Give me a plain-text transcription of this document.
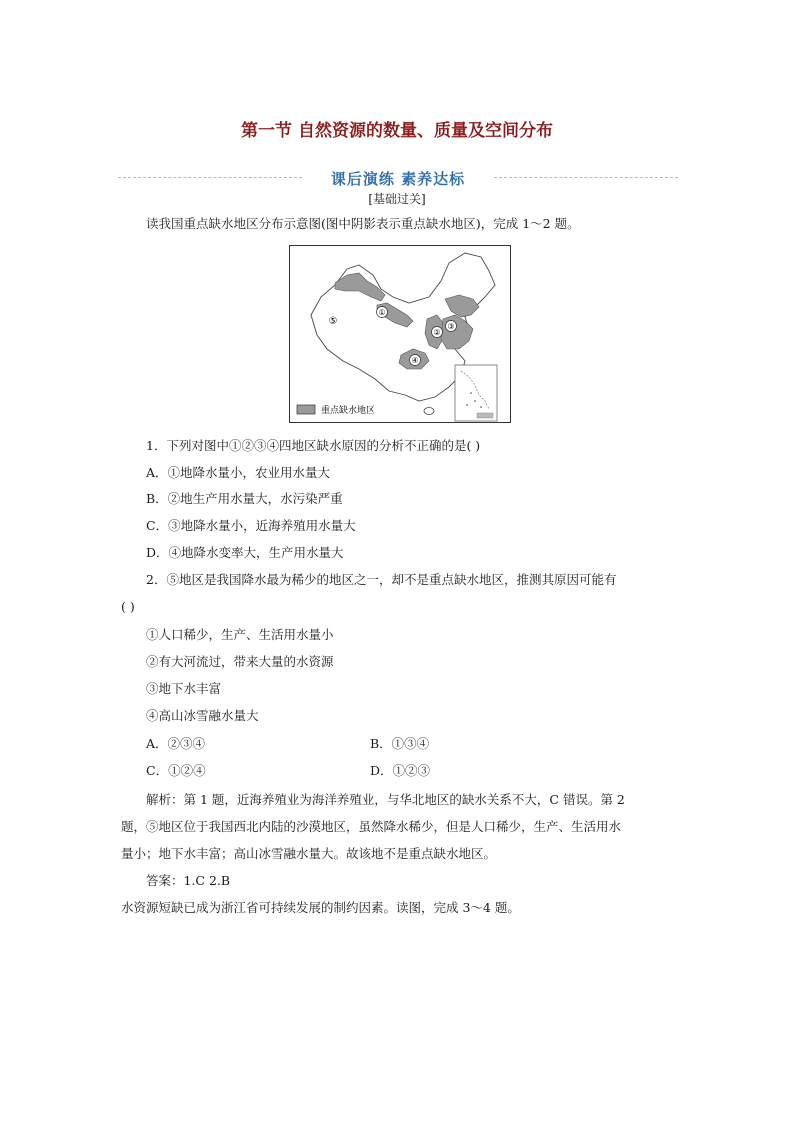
第一节 自然资源的数量、质量及空间分布
课后演练 素养达标
[基础过关]
读我国重点缺水地区分布示意图(图中阴影表示重点缺水地区)，完成 1～2 题。
①
②
③
④
⑤
重点缺水地区
1．下列对图中①②③④四地区缺水原因的分析不正确的是( )
A．①地降水量小，农业用水量大
B．②地生产用水量大，水污染严重
C．③地降水量小，近海养殖用水量大
D．④地降水变率大，生产用水量大
2．⑤地区是我国降水最为稀少的地区之一，却不是重点缺水地区，推测其原因可能有
( )
①人口稀少，生产、生活用水量小
②有大河流过，带来大量的水资源
③地下水丰富
④高山冰雪融水量大
A．②③④	B．①③④
C．①②④	D．①②③
解析：第 1 题，近海养殖业为海洋养殖业，与华北地区的缺水关系不大，C 错误。第 2
题，⑤地区位于我国西北内陆的沙漠地区，虽然降水稀少，但是人口稀少，生产、生活用水
量小；地下水丰富；高山冰雪融水量大。故该地不是重点缺水地区。
答案：1.C 2.B
水资源短缺已成为浙江省可持续发展的制约因素。读图，完成 3～4 题。
